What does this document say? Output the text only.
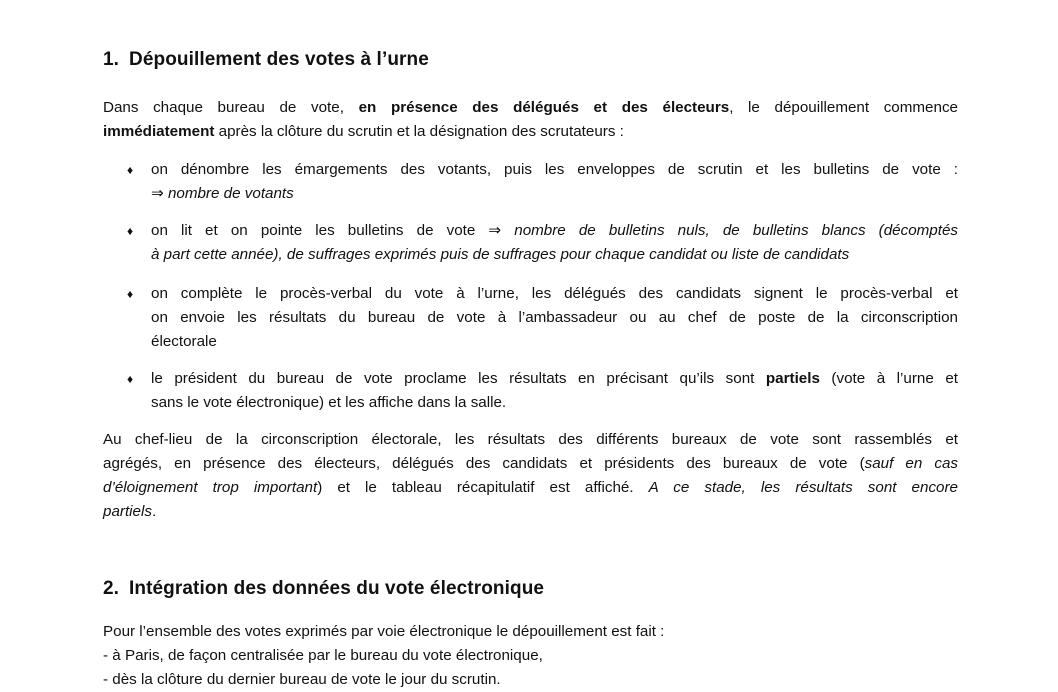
1. Dépouillement des votes à l’urne
Dans chaque bureau de vote, en présence des délégués et des électeurs, le dépouillement commence
immédiatement après la clôture du scrutin et la désignation des scrutateurs :
♦	on dénombre les émargements des votants, puis les enveloppes de scrutin et les bulletins de vote :
⇒ nombre de votants
♦	on lit et on pointe les bulletins de vote ⇒ nombre de bulletins nuls, de bulletins blancs (décomptés
à part cette année), de suffrages exprimés puis de suffrages pour chaque candidat ou liste de candidats
♦	on complète le procès-verbal du vote à l’urne, les délégués des candidats signent le procès-verbal et
on envoie les résultats du bureau de vote à l’ambassadeur ou au chef de poste de la circonscription
électorale
♦	le président du bureau de vote proclame les résultats en précisant qu’ils sont partiels (vote à l’urne et
sans le vote électronique) et les affiche dans la salle.
Au chef-lieu de la circonscription électorale, les résultats des différents bureaux de vote sont rassemblés et
agrégés, en présence des électeurs, délégués des candidats et présidents des bureaux de vote (sauf en cas
d’éloignement trop important) et le tableau récapitulatif est affiché. A ce stade, les résultats sont encore
partiels.
2. Intégration des données du vote électronique
Pour l’ensemble des votes exprimés par voie électronique le dépouillement est fait :
- à Paris, de façon centralisée par le bureau du vote électronique,
- dès la clôture du dernier bureau de vote le jour du scrutin.
